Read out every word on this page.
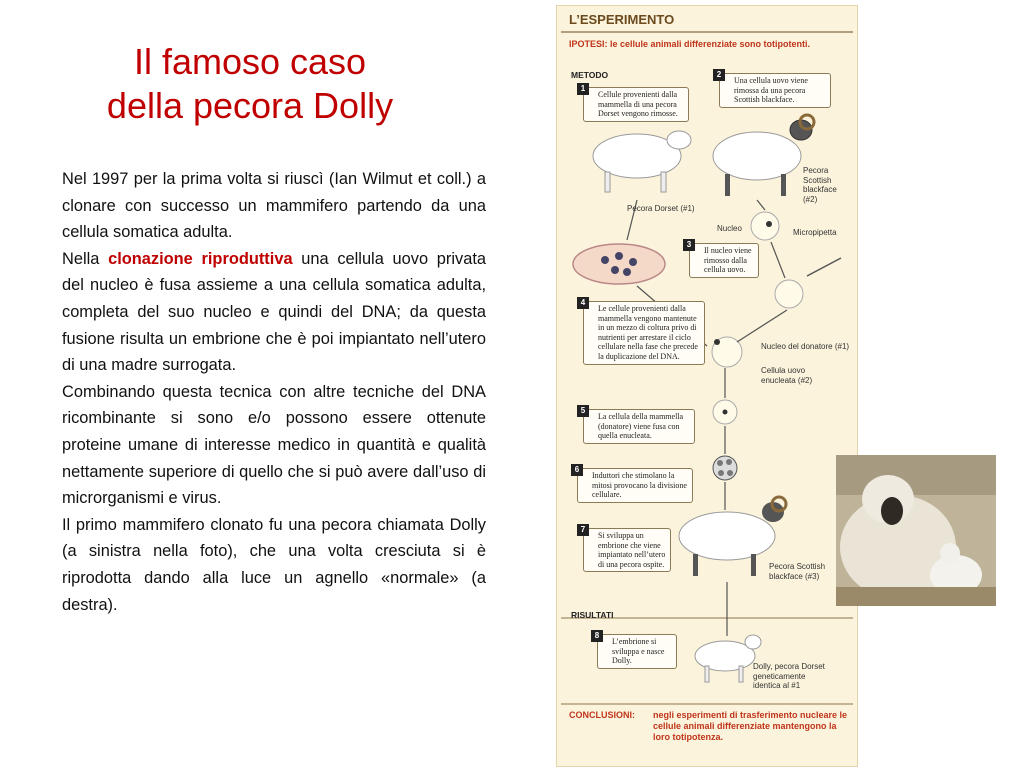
Il famoso caso
della pecora Dolly

Nel 1997 per la prima volta si riuscì (Ian Wilmut et coll.) a clonare con successo un mammifero partendo da una cellula somatica adulta.

Nella clonazione riproduttiva una cellula uovo privata del nucleo è fusa assieme a una cellula somatica adulta, completa del suo nucleo e quindi del DNA; da questa fusione risulta un embrione che è poi impiantato nell’utero di una madre surrogata.

Combinando questa tecnica con altre tecniche del DNA ricombinante si sono e/o possono essere ottenute proteine umane di interesse medico in quantità e qualità nettamente superiore di quello che si può avere dall’uso di microrganismi e virus.

Il primo mammifero clonato fu una pecora chiamata Dolly (a sinistra nella foto), che una volta cresciuta si è riprodotta dando alla luce un agnello «normale» (a destra).

L’ESPERIMENTO
IPOTESI: le cellule animali differenziate sono totipotenti.
METODO
RISULTATI
1
Cellule provenienti dalla mammella di una pecora Dorset vengono rimosse.
2
Una cellula uovo viene rimossa da una pecora Scottish blackface.
3
Il nucleo viene rimosso dalla cellula uovo.
4
Le cellule provenienti dalla mammella vengono mantenute in un mezzo di coltura privo di nutrienti per arrestare il ciclo cellulare nella fase che precede la duplicazione del DNA.
5
La cellula della mammella (donatore) viene fusa con quella enucleata.
6
Induttori che stimolano la mitosi provocano la divisione cellulare.
7
Si sviluppa un embrione che viene impiantato nell’utero di una pecora ospite.
8
L’embrione si sviluppa e nasce Dolly.
Pecora Dorset (#1)
Pecora Scottish blackface (#2)
Nucleo	Micropipetta
Nucleo del donatore (#1)
Cellula uovo enucleata (#2)
Pecora Scottish blackface (#3)
Dolly, pecora Dorset geneticamente identica al #1
CONCLUSIONI: negli esperimenti di trasferimento nucleare le cellule animali differenziate mantengono la loro totipotenza.
